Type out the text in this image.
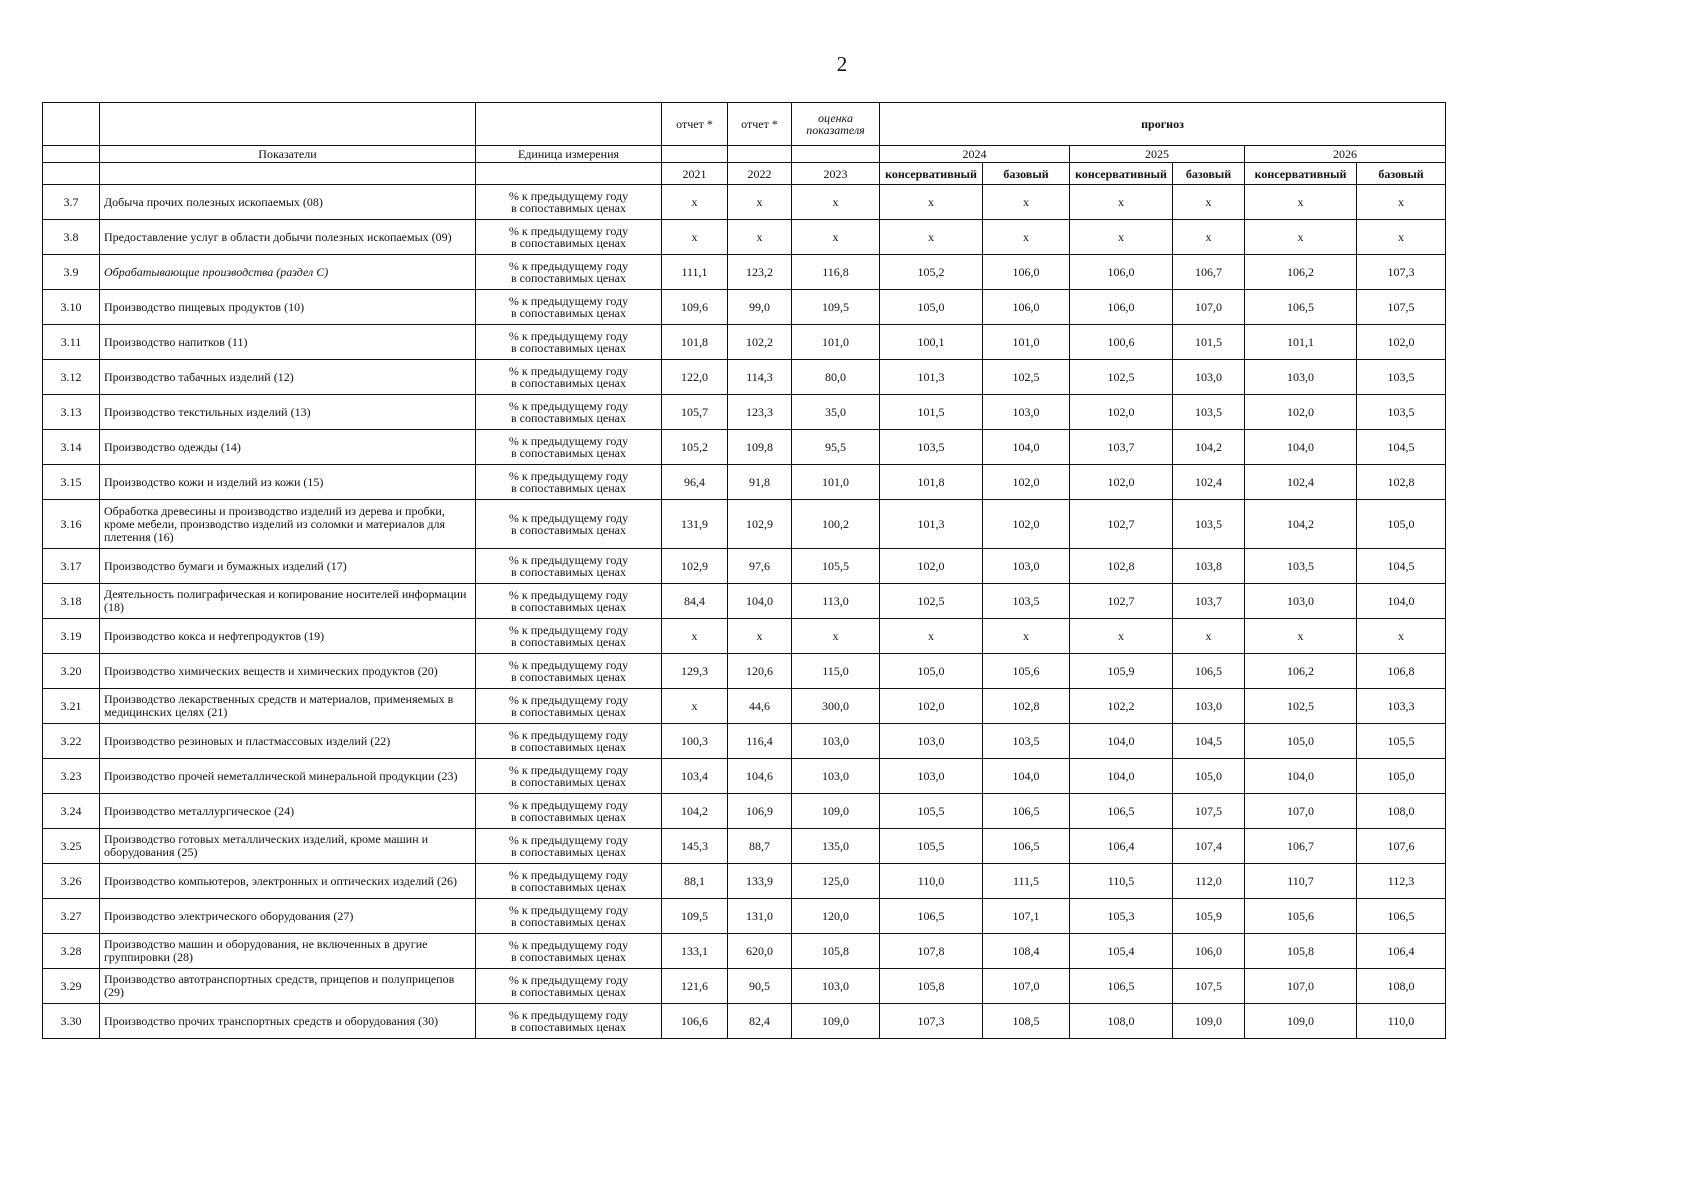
2
			отчет *	отчет *	оценка показателя	прогноз					
	Показатели	Единица измерения				2024		2025		2026	
			2021	2022	2023	консервативный	базовый	консервативный	базовый	консервативный	базовый
3.7	Добыча прочих полезных ископаемых (08)	% к предыдущему году
в сопоставимых ценах	x	x	x	x	x	x	x	x	x
3.8	Предоставление услуг в области добычи полезных ископаемых (09)	% к предыдущему году
в сопоставимых ценах	x	x	x	x	x	x	x	x	x
3.9	Обрабатывающие производства (раздел С)	% к предыдущему году
в сопоставимых ценах	111,1	123,2	116,8	105,2	106,0	106,0	106,7	106,2	107,3
3.10	Производство пищевых продуктов (10)	% к предыдущему году
в сопоставимых ценах	109,6	99,0	109,5	105,0	106,0	106,0	107,0	106,5	107,5
3.11	Производство напитков (11)	% к предыдущему году
в сопоставимых ценах	101,8	102,2	101,0	100,1	101,0	100,6	101,5	101,1	102,0
3.12	Производство табачных изделий (12)	% к предыдущему году
в сопоставимых ценах	122,0	114,3	80,0	101,3	102,5	102,5	103,0	103,0	103,5
3.13	Производство текстильных изделий (13)	% к предыдущему году
в сопоставимых ценах	105,7	123,3	35,0	101,5	103,0	102,0	103,5	102,0	103,5
3.14	Производство одежды (14)	% к предыдущему году
в сопоставимых ценах	105,2	109,8	95,5	103,5	104,0	103,7	104,2	104,0	104,5
3.15	Производство кожи и изделий из кожи (15)	% к предыдущему году
в сопоставимых ценах	96,4	91,8	101,0	101,8	102,0	102,0	102,4	102,4	102,8
3.16	Обработка древесины и производство изделий из дерева и пробки, кроме мебели, производство изделий из соломки и материалов для плетения (16)	% к предыдущему году
в сопоставимых ценах	131,9	102,9	100,2	101,3	102,0	102,7	103,5	104,2	105,0
3.17	Производство бумаги и бумажных изделий (17)	% к предыдущему году
в сопоставимых ценах	102,9	97,6	105,5	102,0	103,0	102,8	103,8	103,5	104,5
3.18	Деятельность полиграфическая и копирование носителей информации (18)	% к предыдущему году
в сопоставимых ценах	84,4	104,0	113,0	102,5	103,5	102,7	103,7	103,0	104,0
3.19	Производство кокса и нефтепродуктов (19)	% к предыдущему году
в сопоставимых ценах	x	x	x	x	x	x	x	x	x
3.20	Производство химических веществ и химических продуктов (20)	% к предыдущему году
в сопоставимых ценах	129,3	120,6	115,0	105,0	105,6	105,9	106,5	106,2	106,8
3.21	Производство лекарственных средств и материалов, применяемых в медицинских целях (21)	% к предыдущему году
в сопоставимых ценах	x	44,6	300,0	102,0	102,8	102,2	103,0	102,5	103,3
3.22	Производство резиновых и пластмассовых изделий (22)	% к предыдущему году
в сопоставимых ценах	100,3	116,4	103,0	103,0	103,5	104,0	104,5	105,0	105,5
3.23	Производство прочей неметаллической минеральной продукции (23)	% к предыдущему году
в сопоставимых ценах	103,4	104,6	103,0	103,0	104,0	104,0	105,0	104,0	105,0
3.24	Производство металлургическое (24)	% к предыдущему году
в сопоставимых ценах	104,2	106,9	109,0	105,5	106,5	106,5	107,5	107,0	108,0
3.25	Производство готовых металлических изделий, кроме машин и оборудования (25)	% к предыдущему году
в сопоставимых ценах	145,3	88,7	135,0	105,5	106,5	106,4	107,4	106,7	107,6
3.26	Производство компьютеров, электронных и оптических изделий (26)	% к предыдущему году
в сопоставимых ценах	88,1	133,9	125,0	110,0	111,5	110,5	112,0	110,7	112,3
3.27	Производство электрического оборудования (27)	% к предыдущему году
в сопоставимых ценах	109,5	131,0	120,0	106,5	107,1	105,3	105,9	105,6	106,5
3.28	Производство машин и оборудования, не включенных в другие группировки (28)	% к предыдущему году
в сопоставимых ценах	133,1	620,0	105,8	107,8	108,4	105,4	106,0	105,8	106,4
3.29	Производство автотранспортных средств, прицепов и полуприцепов (29)	% к предыдущему году
в сопоставимых ценах	121,6	90,5	103,0	105,8	107,0	106,5	107,5	107,0	108,0
3.30	Производство прочих транспортных средств и оборудования (30)	% к предыдущему году
в сопоставимых ценах	106,6	82,4	109,0	107,3	108,5	108,0	109,0	109,0	110,0
